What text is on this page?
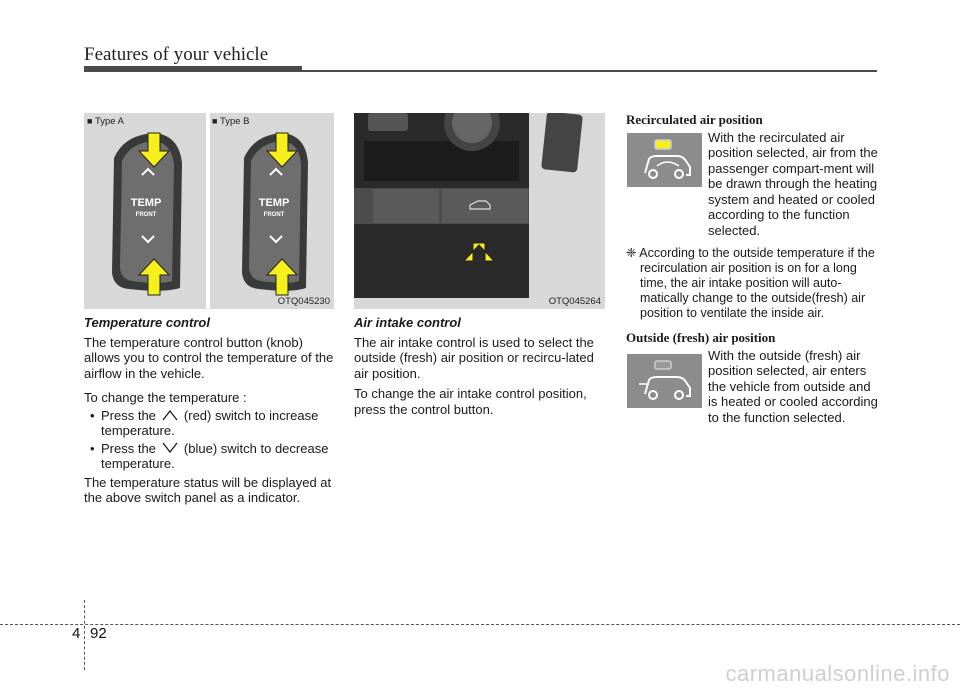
Features of your vehicle
■ Type A
■	Type B
TEMP
FRONT
TEMP
FRONT
OTQ045230
Temperature control

The temperature control button (knob) allows you to control the temperature of the airflow in the vehicle.

To change the temperature :

• Press the (red) switch to increase temperature.

• Press the (blue) switch to decrease temperature.

The temperature status will be displayed at the above switch panel as a indicator.

OTQ045264
Air intake control

The air intake control is used to select the outside (fresh) air position or recircu-lated air position.

To change the air intake control position, press the control button.

Recirculated air position

With the recirculated air position selected, air from the passenger compart-ment will be drawn through the heating system and heated or cooled according to the function selected.

❈ According to the outside temperature if the recirculation air position is on for a long time, the air intake position will auto-matically change to the outside(fresh) air position to ventilate the inside air.

Outside (fresh) air position

With the outside (fresh) air position selected, air enters the vehicle from outside and is heated or cooled according to the function selected.

4 92
carmanualsonline.info
